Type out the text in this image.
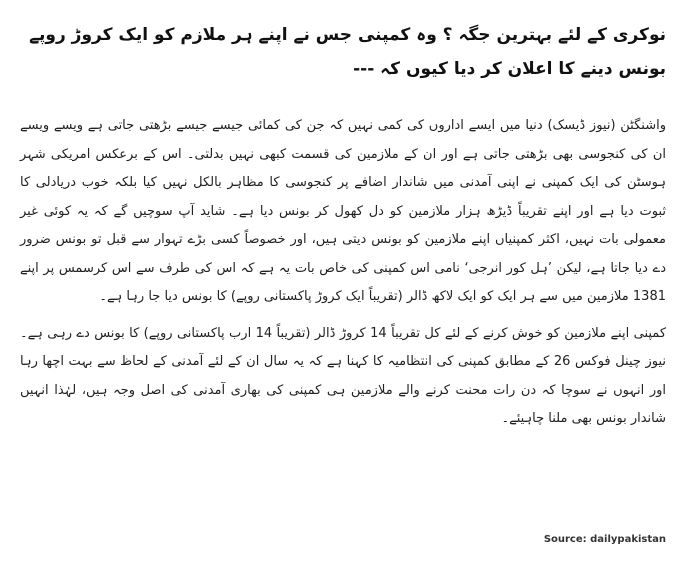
نوکری کے لئے بہترین جگہ ؟ وہ کمپنی جس نے اپنے ہر ملازم کو ایک کروڑ روپے بونس دینے کا اعلان کر دیا کیوں کہ ---

واشنگٹن (نیوز ڈیسک) دنیا میں ایسے اداروں کی کمی نہیں کہ جن کی کمائی جیسے جیسے بڑھتی جاتی ہے ویسے ویسے ان کی کنجوسی بھی بڑھتی جاتی ہے اور ان کے ملازمین کی قسمت کبھی نہیں بدلتی۔ اس کے برعکس امریکی شہر ہوسٹن کی ایک کمپنی نے اپنی آمدنی میں شاندار اضافے پر کنجوسی کا مظاہر بالکل نہیں کیا بلکہ خوب دریادلی کا ثبوت دیا ہے اور اپنے تقریباً ڈیڑھ ہزار ملازمین کو دل کھول کر بونس دیا ہے۔ شاید آپ سوچیں گے کہ یہ کوئی غیر معمولی بات نہیں، اکثر کمپنیاں اپنے ملازمین کو بونس دیتی ہیں، اور خصوصاً کسی بڑے تہوار سے قبل تو بونس ضرور دے دیا جاتا ہے، لیکن ’ہل کور انرجی‘ نامی اس کمپنی کی خاص بات یہ ہے کہ اس کی طرف سے اس کرسمس پر اپنے 1381 ملازمین میں سے ہر ایک کو ایک لاکھ ڈالر (تقریباً ایک کروڑ پاکستانی روپے) کا بونس دیا جا رہا ہے۔

کمپنی اپنے ملازمین کو خوش کرنے کے لئے کل تقریباً 14 کروڑ ڈالر (تقریباً 14 ارب پاکستانی روپے) کا بونس دے رہی ہے۔ نیوز چینل فوکس 26 کے مطابق کمپنی کی انتظامیہ کا کہنا ہے کہ یہ سال ان کے لئے آمدنی کے لحاظ سے بہت اچھا رہا اور انہوں نے سوچا کہ دن رات محنت کرنے والے ملازمین ہی کمپنی کی بھاری آمدنی کی اصل وجہ ہیں، لہٰذا انہیں شاندار بونس بھی ملنا چاہیئے۔

Source: dailypakistan
